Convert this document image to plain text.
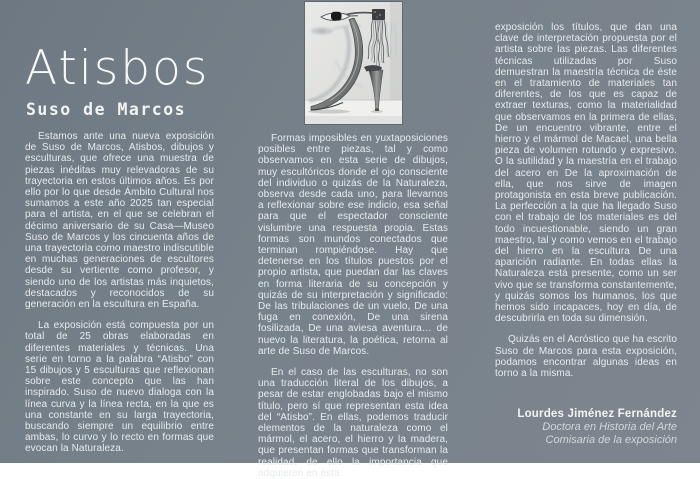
Atisbos
Suso de Marcos

Estamos ante una nueva exposición de Suso de Marcos, Atisbos, dibujos y esculturas, que ofrece una muestra de piezas inéditas muy relevadoras de su trayectoria en estos últimos años. Es por ello por lo que desde Ámbito Cultural nos sumamos a este año 2025 tan especial para el artista, en el que se celebran el décimo aniversario de su Casa—Museo Suso de Marcos y los cincuenta años de una trayectoria como maestro indiscutible en muchas generaciones de escultores desde su vertiente como profesor, y siendo uno de los artistas más inquietos, destacados y reconocidos de su generación en la escultura en España.

La exposición está compuesta por un total de 25 obras elaboradas en diferentes materiales y técnicas. Una serie en torno a la palabra “Atisbo” con 15 dibujos y 5 esculturas que reflexionan sobre este concepto que las han inspirado. Suso de nuevo dialoga con la línea curva y la línea recta, en la que es una constante en su larga trayectoria, buscando siempre un equilibrio entre ambas, lo curvo y lo recto en formas que evocan la Naturaleza.

Formas imposibles en yuxtaposiciones posibles entre piezas, tal y como observamos en esta serie de dibujos, muy escultóricos donde el ojo consciente del individuo o quizás de la Naturaleza, observa desde cada uno, para llevarnos a reflexionar sobre ese indicio, esa señal para que el espectador consciente vislumbre una respuesta propia. Estas formas son mundos conectados que terminan rompiéndose. Hay que detenerse en los títulos puestos por el propio artista, que puedan dar las claves en forma literaria de su concepción y quizás de su interpretación y significado: De las tribulaciones de un vuelo, De una fuga en conexión, De una sirena fosilizada, De una aviesa aventura… de nuevo la literatura, la poética, retorna al arte de Suso de Marcos.

En el caso de las esculturas, no son una traducción literal de los dibujos, a pesar de estar englobadas bajo el mismo título, pero sí que representan esta idea del “Atisbo”. En ellas, podemos traducir elementos de la naturaleza como el mármol, el acero, el hierro y la madera, que presentan formas que transforman la realidad, de ello la importancia que adquieren en esta

exposición los títulos, que dan una clave de interpretación propuesta por el artista sobre las piezas. Las diferentes técnicas utilizadas por Suso demuestran la maestría técnica de éste en el tratamiento de materiales tan diferentes, de los que es capaz de extraer texturas, como la materialidad que observamos en la primera de ellas, De un encuentro vibrante, entre el hierro y el mármol de Macael, una bella pieza de volumen rotundo y expresivo. O la sutilidad y la maestría en el trabajo del acero en De la aproximación de ella, que nos sirve de imagen protagonista en esta breve publicación. La perfección a la que ha llegado Suso con el trabajo de los materiales es del todo incuestionable, siendo un gran maestro, tal y como vemos en el trabajo del hierro en la escultura De una aparición radiante. En todas ellas la Naturaleza está presente, como un ser vivo que se transforma constantemente, y quizás somos los humanos, los que hemos sido incapaces, hoy en día, de descubrirla en toda su dimensión.

Quizás en el Acróstico que ha escrito Suso de Marcos para esta exposición, podamos encontrar algunas ideas en torno a la misma.

Lourdes Jiménez Fernández
Doctora en Historia del Arte
Comisaria de la exposición
